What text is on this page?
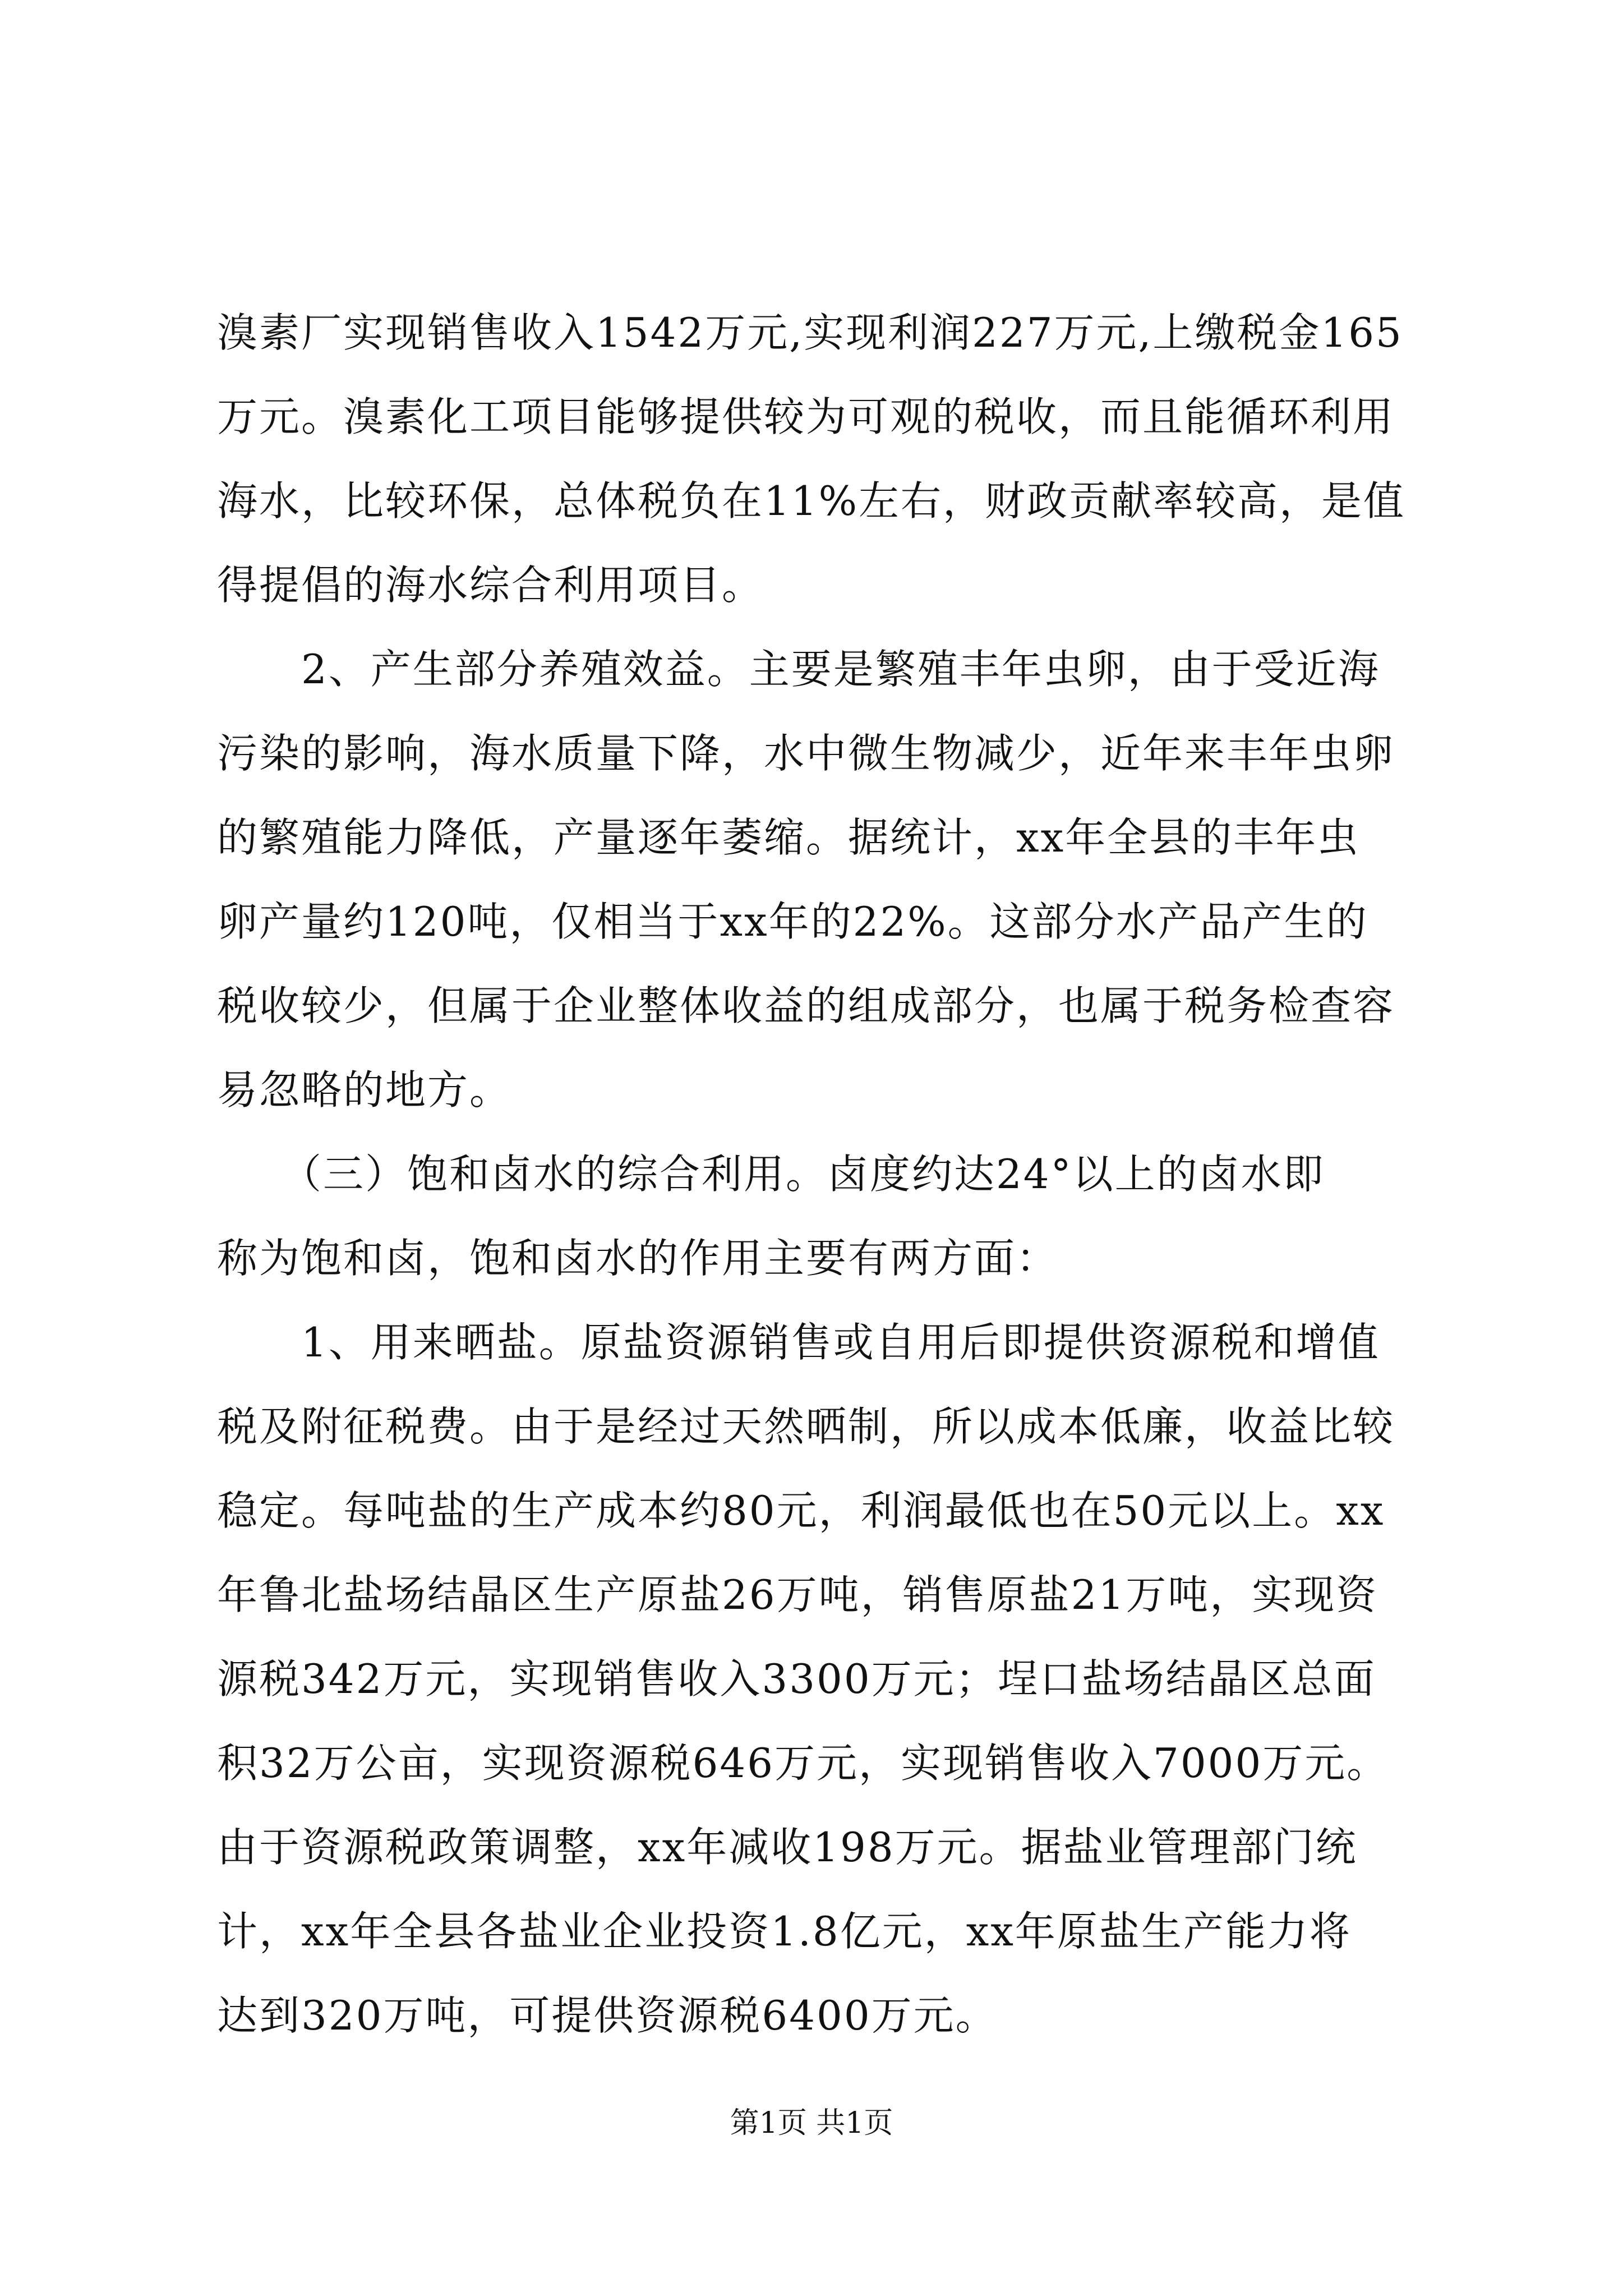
溴素厂实现销售收入1542万元,实现利润227万元,上缴税金165
万元。溴素化工项目能够提供较为可观的税收，而且能循环利用
海水，比较环保，总体税负在11%左右，财政贡献率较高，是值
得提倡的海水综合利用项目。
　　2、产生部分养殖效益。主要是繁殖丰年虫卵，由于受近海
污染的影响，海水质量下降，水中微生物减少，近年来丰年虫卵
的繁殖能力降低，产量逐年萎缩。据统计，xx年全县的丰年虫
卵产量约120吨，仅相当于xx年的22%。这部分水产品产生的
税收较少，但属于企业整体收益的组成部分，也属于税务检查容
易忽略的地方。
　　（三）饱和卤水的综合利用。卤度约达24°以上的卤水即
称为饱和卤，饱和卤水的作用主要有两方面：
　　1、用来晒盐。原盐资源销售或自用后即提供资源税和增值
税及附征税费。由于是经过天然晒制，所以成本低廉，收益比较
稳定。每吨盐的生产成本约80元，利润最低也在50元以上。xx
年鲁北盐场结晶区生产原盐26万吨，销售原盐21万吨，实现资
源税342万元，实现销售收入3300万元；埕口盐场结晶区总面
积32万公亩，实现资源税646万元，实现销售收入7000万元。
由于资源税政策调整，xx年减收198万元。据盐业管理部门统
计，xx年全县各盐业企业投资1.8亿元，xx年原盐生产能力将
达到320万吨，可提供资源税6400万元。
第1页 共1页
